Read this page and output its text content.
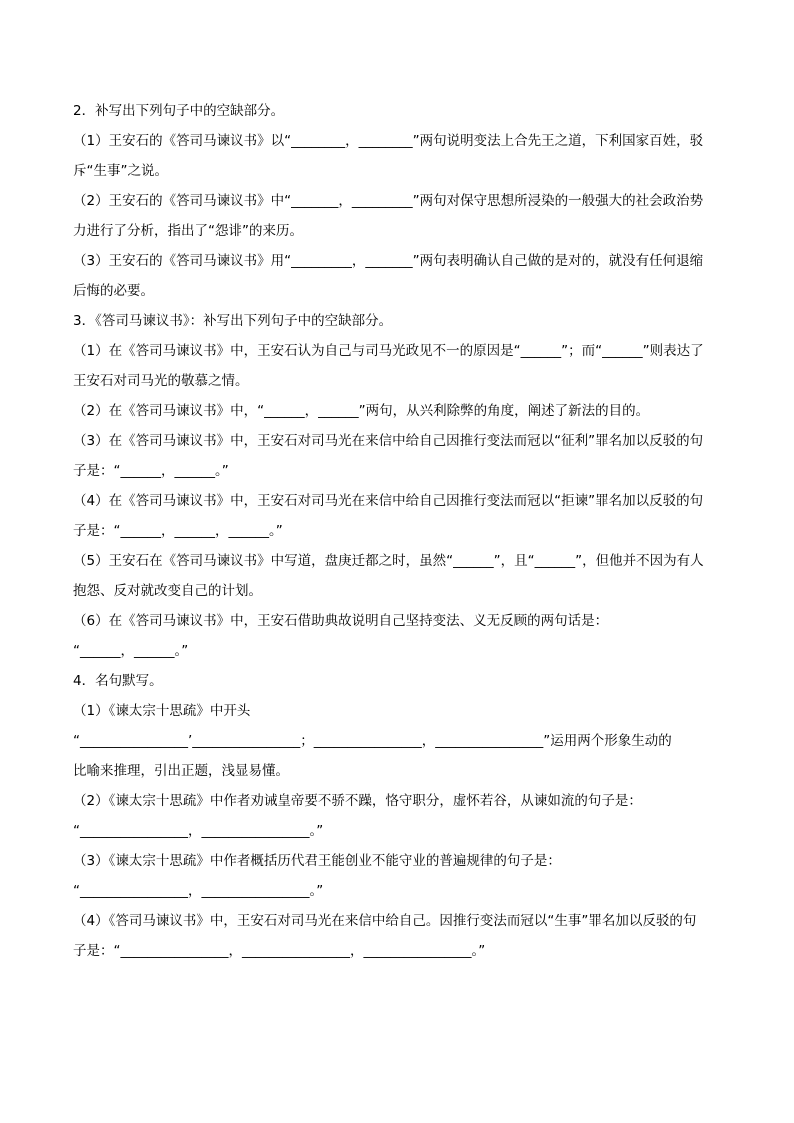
2．补写出下列句子中的空缺部分。
（1）王安石的《答司马谏议书》以“________，________”两句说明变法上合先王之道，下利国家百姓，驳
斥“生事”之说。
（2）王安石的《答司马谏议书》中“_______，_________”两句对保守思想所浸染的一般强大的社会政治势
力进行了分析，指出了“怨诽”的来历。
（3）王安石的《答司马谏议书》用“_________，_______”两句表明确认自己做的是对的，就没有任何退缩
后悔的必要。
3．《答司马谏议书》：补写出下列句子中的空缺部分。
（1）在《答司马谏议书》中，王安石认为自己与司马光政见不一的原因是“______”；而“______”则表达了
王安石对司马光的敬慕之情。
（2）在《答司马谏议书》中，“______，______”两句，从兴利除弊的角度，阐述了新法的目的。
（3）在《答司马谏议书》中，王安石对司马光在来信中给自己因推行变法而冠以“征利”罪名加以反驳的句
子是：“______，______。”
（4）在《答司马谏议书》中，王安石对司马光在来信中给自己因推行变法而冠以“拒谏”罪名加以反驳的句
子是：“______，______，______。”
（5）王安石在《答司马谏议书》中写道，盘庚迁都之时，虽然“______”，且“______”，但他并不因为有人
抱怨、反对就改变自己的计划。
（6）在《答司马谏议书》中，王安石借助典故说明自己坚持变法、义无反顾的两句话是：
“______，______。”
4．名句默写。
（1）《谏太宗十思疏》中开头
“________________’________________；________________，________________”运用两个形象生动的
比喻来推理，引出正题，浅显易懂。
（2）《谏太宗十思疏》中作者劝诫皇帝要不骄不躁，恪守职分，虚怀若谷，从谏如流的句子是：
“________________，________________。”
（3）《谏太宗十思疏》中作者概括历代君王能创业不能守业的普遍规律的句子是：
“________________，________________。”
（4）《答司马谏议书》中，王安石对司马光在来信中给自己。因推行变法而冠以“生事”罪名加以反驳的句
子是：“________________，________________，________________。”
